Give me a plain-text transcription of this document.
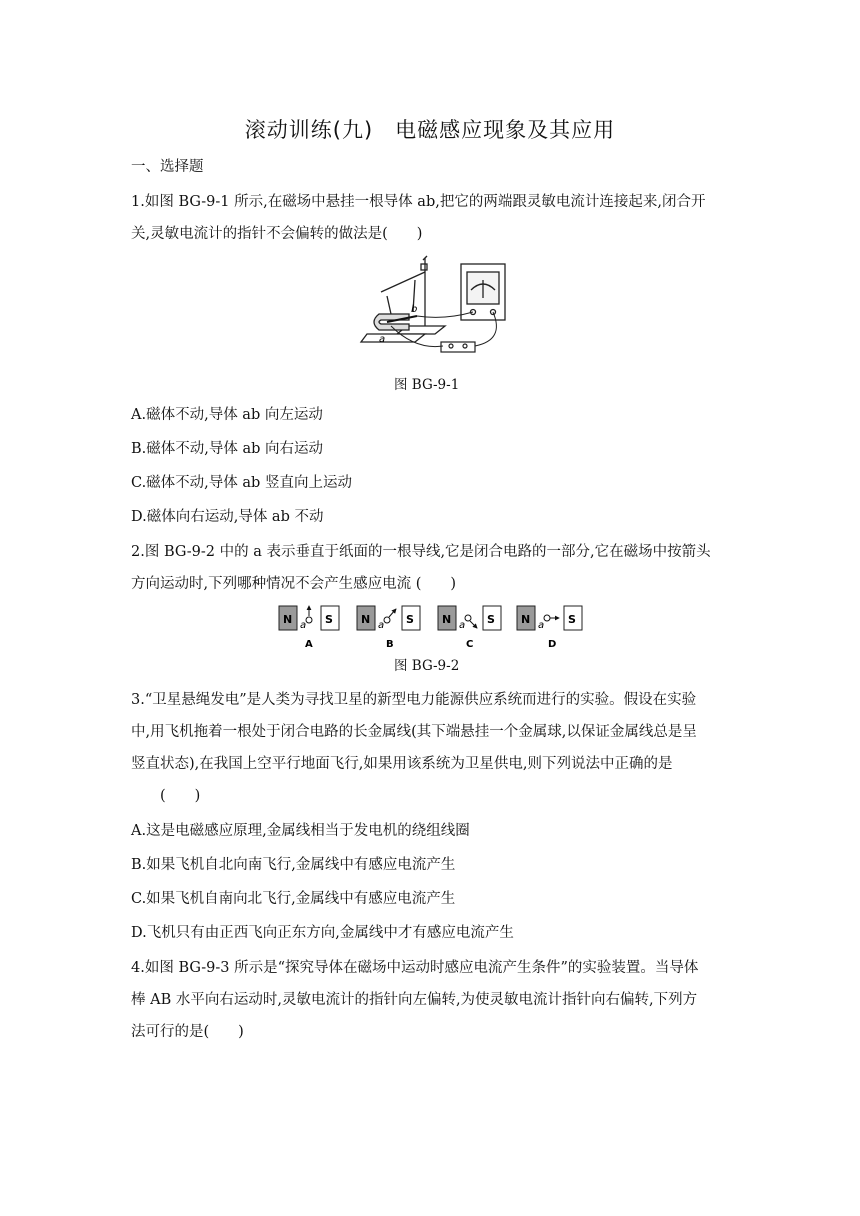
滚动训练(九)　电磁感应现象及其应用
一、选择题
1.如图 BG-9-1 所示,在磁场中悬挂一根导体 ab,把它的两端跟灵敏电流计连接起来,闭合开
关,灵敏电流计的指针不会偏转的做法是(　　)
a
b
图 BG-9-1
A.磁体不动,导体 ab 向左运动
B.磁体不动,导体 ab 向右运动
C.磁体不动,导体 ab 竖直向上运动
D.磁体向右运动,导体 ab 不动
2.图 BG-9-2 中的 a 表示垂直于纸面的一根导线,它是闭合电路的一部分,它在磁场中按箭头
方向运动时,下列哪种情况不会产生感应电流 (　　)
N a S
A
N a S
B
N a S
C
N a S
D
图 BG-9-2
3.“卫星悬绳发电”是人类为寻找卫星的新型电力能源供应系统而进行的实验。假设在实验
中,用飞机拖着一根处于闭合电路的长金属线(其下端悬挂一个金属球,以保证金属线总是呈
竖直状态),在我国上空平行地面飞行,如果用该系统为卫星供电,则下列说法中正确的是
(　　)
A.这是电磁感应原理,金属线相当于发电机的绕组线圈
B.如果飞机自北向南飞行,金属线中有感应电流产生
C.如果飞机自南向北飞行,金属线中有感应电流产生
D.飞机只有由正西飞向正东方向,金属线中才有感应电流产生
4.如图 BG-9-3 所示是“探究导体在磁场中运动时感应电流产生条件”的实验装置。当导体
棒 AB 水平向右运动时,灵敏电流计的指针向左偏转,为使灵敏电流计指针向右偏转,下列方
法可行的是(　　)
